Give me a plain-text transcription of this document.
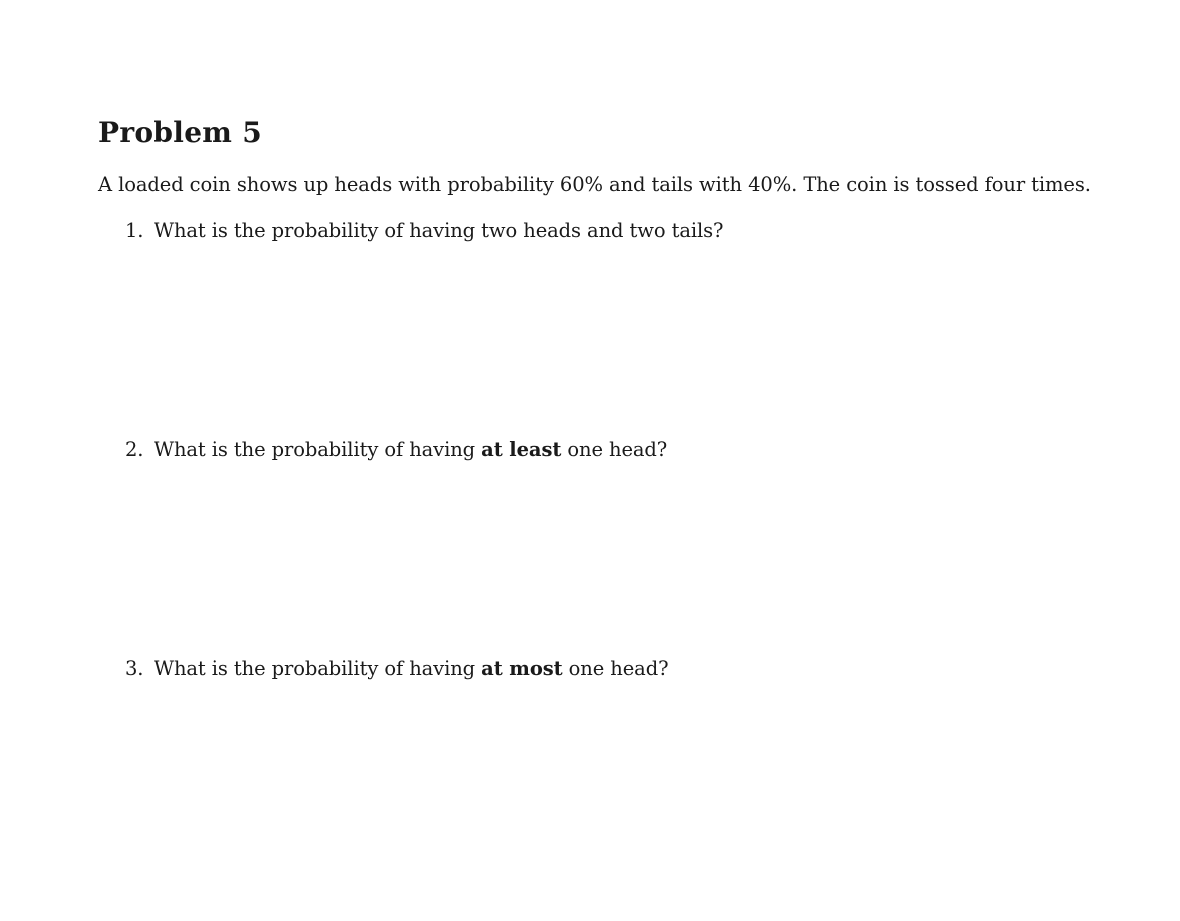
Problem 5
A loaded coin shows up heads with probability 60% and tails with 40%. The coin is tossed four times.
1. What is the probability of having two heads and two tails?
2. What is the probability of having at least one head?
3. What is the probability of having at most one head?
